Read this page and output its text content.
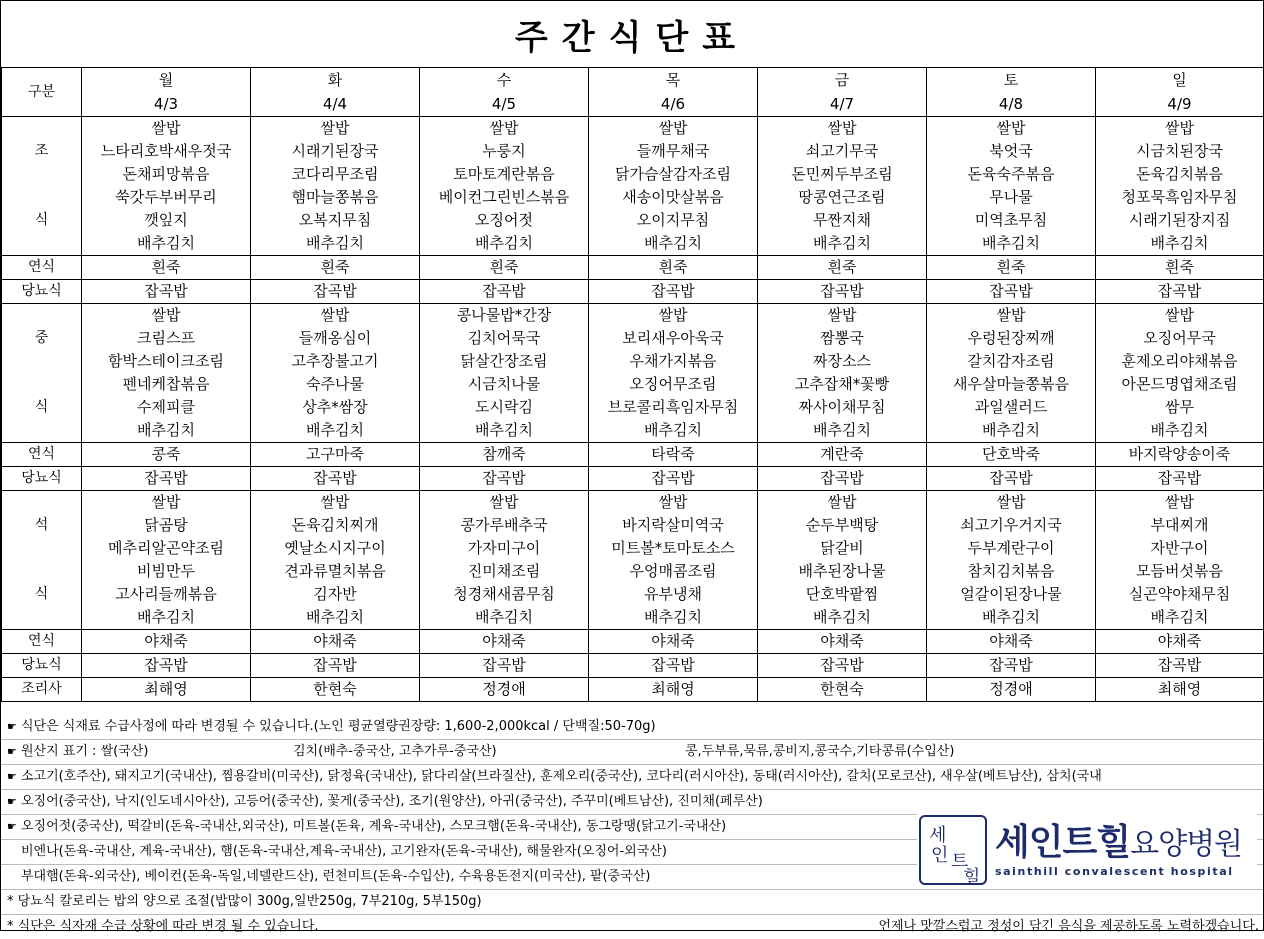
주간식단표
구분	월	화	수	목	금	토	일
	4/3	4/4	4/5	4/6	4/7	4/8	4/9
	쌀밥	쌀밥	쌀밥	쌀밥	쌀밥	쌀밥	쌀밥
조	느타리호박새우젓국	시래기된장국	누룽지	들깨무채국	쇠고기무국	북엇국	시금치된장국
	돈채피망볶음	코다리무조림	토마토계란볶음	닭가슴살감자조림	돈민찌두부조림	돈육숙주볶음	돈육김치볶음
	쑥갓두부버무리	햄마늘쫑볶음	베이컨그린빈스볶음	새송이맛살볶음	땅콩연근조림	무나물	청포묵흑임자무침
식	깻잎지	오복지무침	오징어젓	오이지무침	무짠지채	미역초무침	시래기된장지짐
	배추김치	배추김치	배추김치	배추김치	배추김치	배추김치	배추김치
연식	흰죽	흰죽	흰죽	흰죽	흰죽	흰죽	흰죽
당뇨식	잡곡밥	잡곡밥	잡곡밥	잡곡밥	잡곡밥	잡곡밥	잡곡밥
	쌀밥	쌀밥	콩나물밥*간장	쌀밥	쌀밥	쌀밥	쌀밥
중	크림스프	들깨옹심이	김치어묵국	보리새우아욱국	짬뽕국	우렁된장찌깨	오징어무국
	함박스테이크조림	고추장불고기	닭살간장조림	우채가지볶음	짜장소스	갈치감자조림	훈제오리야채볶음
	펜네케찹볶음	숙주나물	시금치나물	오징어무조림	고추잡채*꽃빵	새우살마늘쫑볶음	아몬드명엽채조림
식	수제피클	상추*쌈장	도시락김	브로콜리흑임자무침	짜사이채무침	과일샐러드	쌈무
	배추김치	배추김치	배추김치	배추김치	배추김치	배추김치	배추김치
연식	콩죽	고구마죽	참깨죽	타락죽	계란죽	단호박죽	바지락양송이죽
당뇨식	잡곡밥	잡곡밥	잡곡밥	잡곡밥	잡곡밥	잡곡밥	잡곡밥
	쌀밥	쌀밥	쌀밥	쌀밥	쌀밥	쌀밥	쌀밥
석	닭곰탕	돈육김치찌개	콩가루배추국	바지락살미역국	순두부백탕	쇠고기우거지국	부대찌개
	메추리알곤약조림	옛날소시지구이	가자미구이	미트볼*토마토소스	닭갈비	두부계란구이	자반구이
	비빔만두	견과류멸치볶음	진미채조림	우엉매콤조림	배추된장나물	참치김치볶음	모듬버섯볶음
식	고사리들깨볶음	김자반	청경채새콤무침	유부냉채	단호박팥찜	얼갈이된장나물	실곤약야채무침
	배추김치	배추김치	배추김치	배추김치	배추김치	배추김치	배추김치
연식	야채죽	야채죽	야채죽	야채죽	야채죽	야채죽	야채죽
당뇨식	잡곡밥	잡곡밥	잡곡밥	잡곡밥	잡곡밥	잡곡밥	잡곡밥
조리사	최해영	한현숙	정경애	최해영	한현숙	정경애	최해영
☛ 식단은 식재료 수급사정에 따라 변경될 수 있습니다.(노인 평균열량권장량: 1,600-2,000kcal / 단백질:50-70g)
☛ 원산지 표기 : 쌀(국산)	김치(배추-중국산, 고추가루-중국산)	콩,두부류,묵류,콩비지,콩국수,기타콩류(수입산)
☛ 소고기(호주산), 돼지고기(국내산), 찜용갈비(미국산), 닭정육(국내산), 닭다리살(브라질산), 훈제오리(중국산), 코다리(러시아산), 동태(러시아산), 갈치(모로코산), 새우살(베트남산), 삼치(국내
☛ 오징어(중국산), 낙지(인도네시아산), 고등어(중국산), 꽃게(중국산), 조기(원양산), 아귀(중국산), 주꾸미(베트남산), 진미채(페루산)
☛ 오징어젓(중국산), 떡갈비(돈육-국내산,외국산), 미트볼(돈육, 계육-국내산), 스모크햄(돈육-국내산), 동그랑땡(닭고기-국내산)
비엔나(돈육-국내산, 계육-국내산), 햄(돈육-국내산,계육-국내산), 고기완자(돈육-국내산), 해물완자(오징어-외국산)
부대햄(돈육-외국산), 베이컨(돈육-독일,네델란드산), 런천미트(돈육-수입산), 수육용돈전지(미국산), 팥(중국산)
* 당뇨식 칼로리는 밥의 양으로 조절(밥많이 300g,일반250g, 7부210g, 5부150g)
* 식단은 식자재 수급 상황에 따라 변경 될 수 있습니다.	언제나 맛깔스럽고 정성이 담긴 음식을 제공하도록 노력하겠습니다.
세
인 트
힐
세인트힐요양병원
sainthill convalescent hospital
